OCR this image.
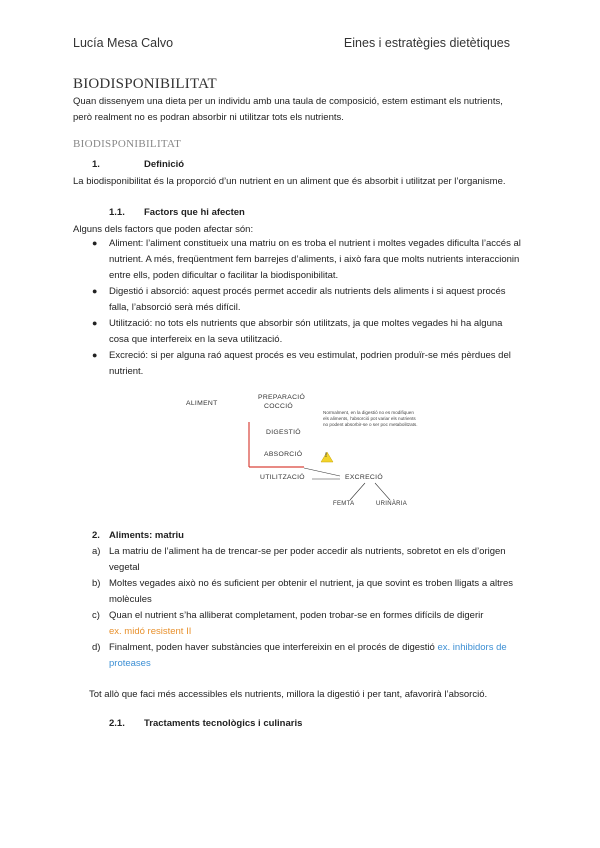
Lucía Mesa Calvo	Eines i estratègies dietètiques
BIODISPONIBILITAT
Quan dissenyem una dieta per un individu amb una taula de composició, estem estimant els nutrients, però realment no es podran absorbir ni utilitzar tots els nutrients.
BIODISPONIBILITAT
1.	Definició
La biodisponibilitat és la proporció d’un nutrient en un aliment que és absorbit i utilitzat per l’organisme.
1.1. Factors que hi afecten
Alguns dels factors que poden afectar són:
● Aliment: l’aliment constitueix una matriu on es troba el nutrient i moltes vegades dificulta l’accés al nutrient. A més, freqüentment fem barrejes d’aliments, i això fara que molts nutrients interaccionin entre ells, poden dificultar o facilitar la biodisponibilitat.
● Digestió i absorció: aquest procés permet accedir als nutrients dels aliments i si aquest procés falla, l’absorció serà més difícil.
● Utilització: no tots els nutrients que absorbir són utilitzats, ja que moltes vegades hi ha alguna cosa que interfereix en la seva utilització.
● Excreció: si per alguna raó aquest procés es veu estimulat, podrien produïr-se més pèrdues del nutrient.
ALIMENT
PREPARACIÓ
COCCIÓ
DIGESTIÓ
ABSORCIÓ
UTILITZACIÓ	EXCRECIÓ
FEMTA	URINÀRIA
!
Normalment, en la digestió no es modifiquen els aliments, l’absorció pot variar els nutrients no podent absorbir-se o ser poc metabolitzats.
2. Aliments: matriu
a) La matriu de l’aliment ha de trencar-se per poder accedir als nutrients, sobretot en els d’origen vegetal
b) Moltes vegades això no és suficient per obtenir el nutrient, ja que sovint es troben lligats a altres molècules
c) Quan el nutrient s’ha alliberat completament, poden trobar-se en formes difícils de digerir
ex. midó resistent II
d) Finalment, poden haver substàncies que interfereixin en el procés de digestió ex. inhibidors de proteases
Tot allò que faci més accessibles els nutrients, millora la digestió i per tant, afavorirà l’absorció.
2.1. Tractaments tecnològics i culinaris
